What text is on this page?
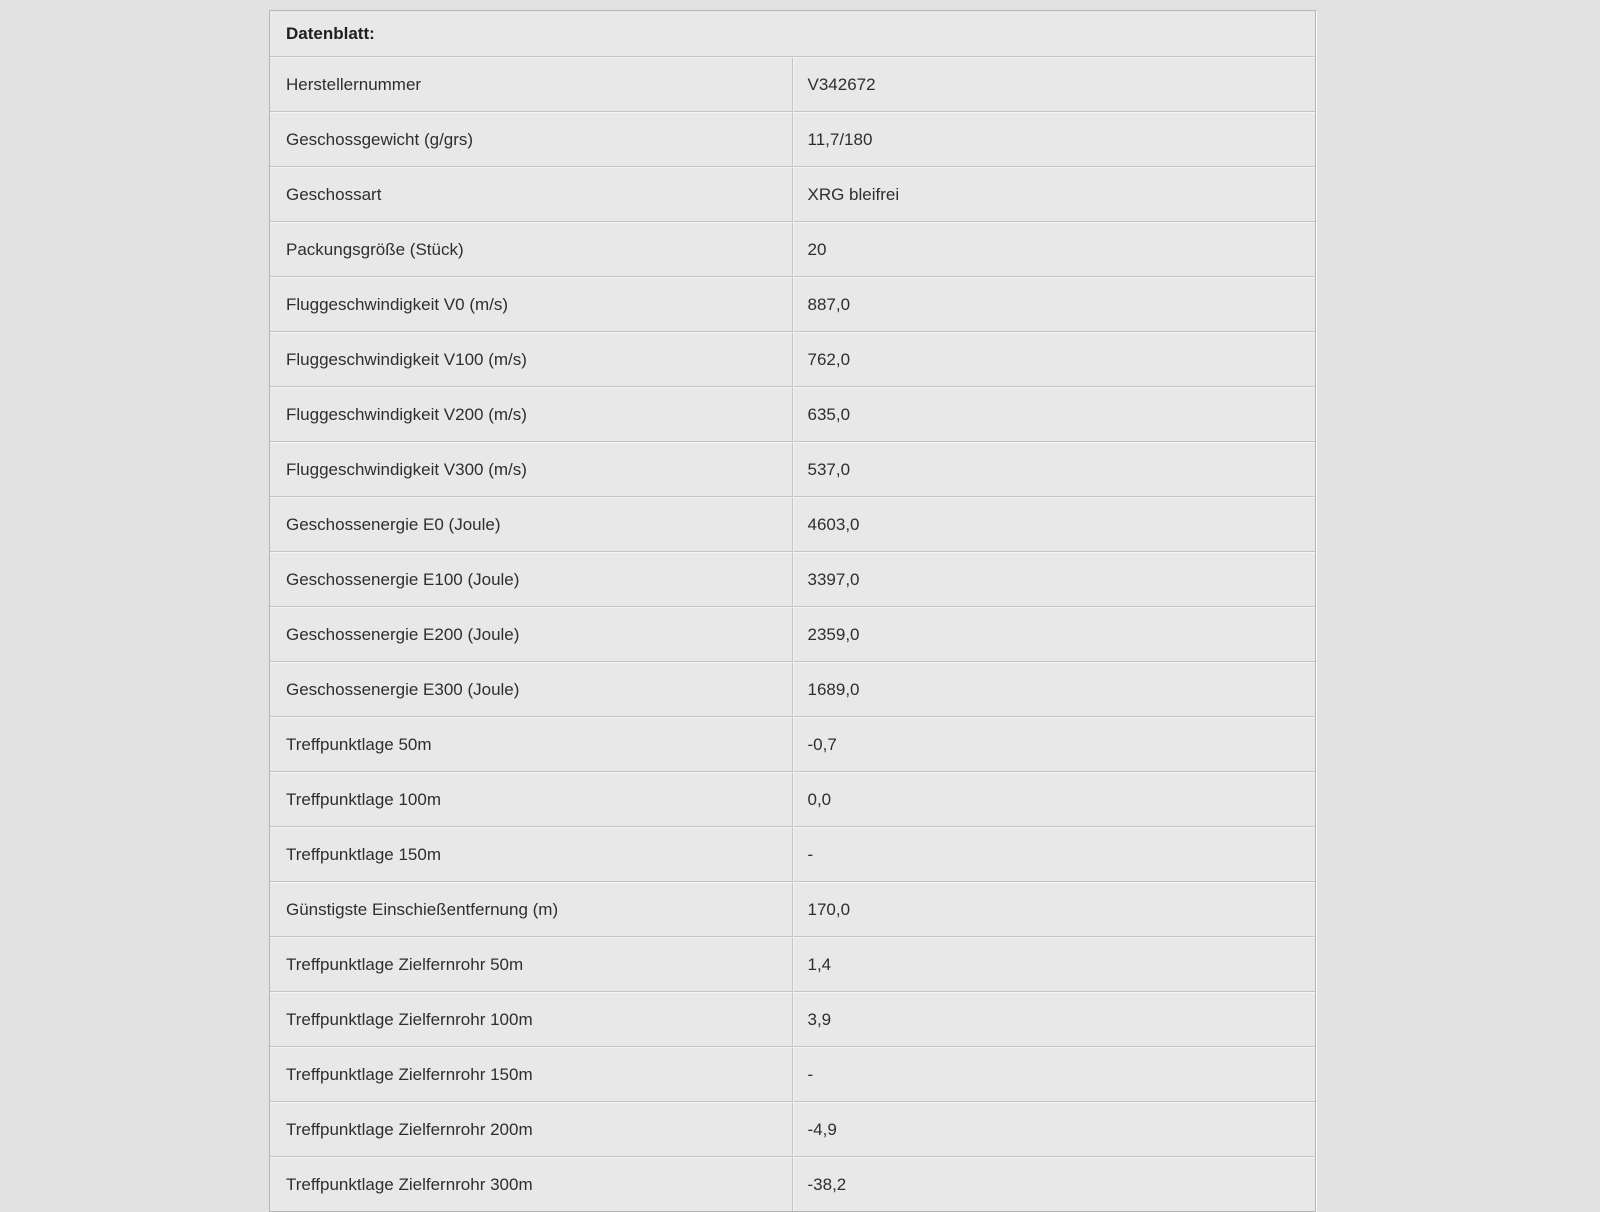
Datenblatt:	
Herstellernummer	V342672
Geschossgewicht (g/grs)	11,7/180
Geschossart	XRG bleifrei
Packungsgröße (Stück)	20
Fluggeschwindigkeit V0 (m/s)	887,0
Fluggeschwindigkeit V100 (m/s)	762,0
Fluggeschwindigkeit V200 (m/s)	635,0
Fluggeschwindigkeit V300 (m/s)	537,0
Geschossenergie E0 (Joule)	4603,0
Geschossenergie E100 (Joule)	3397,0
Geschossenergie E200 (Joule)	2359,0
Geschossenergie E300 (Joule)	1689,0
Treffpunktlage 50m	-0,7
Treffpunktlage 100m	0,0
Treffpunktlage 150m	-
Günstigste Einschießentfernung (m)	170,0
Treffpunktlage Zielfernrohr 50m	1,4
Treffpunktlage Zielfernrohr 100m	3,9
Treffpunktlage Zielfernrohr 150m	-
Treffpunktlage Zielfernrohr 200m	-4,9
Treffpunktlage Zielfernrohr 300m	-38,2
